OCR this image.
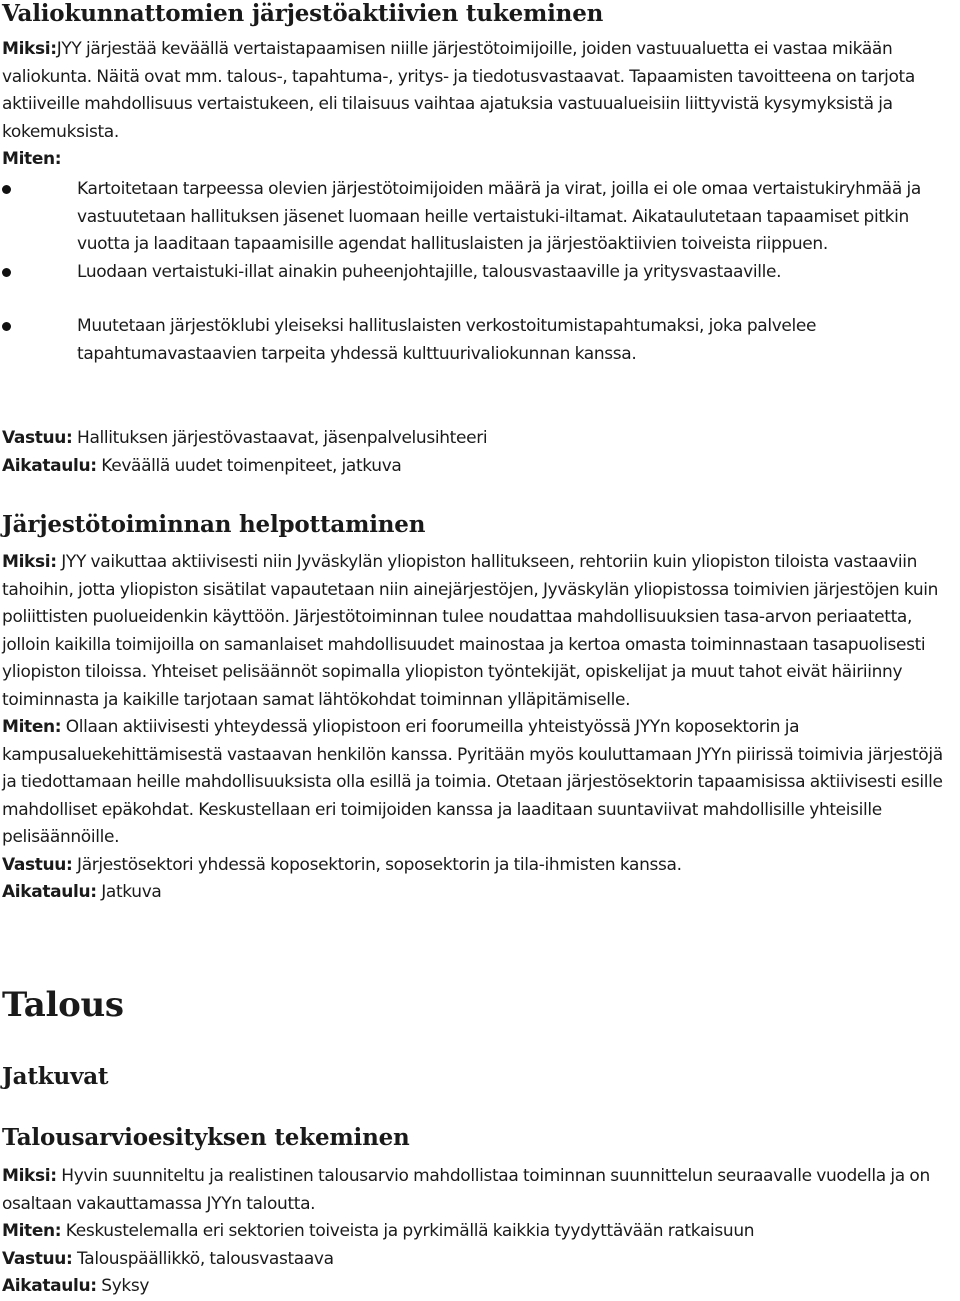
Valiokunnattomien järjestöaktiivien tukeminen

Miksi:JYY järjestää keväällä vertaistapaamisen niille järjestötoimijoille, joiden vastuualuetta ei vastaa mikään valiokunta. Näitä ovat mm. talous-, tapahtuma-, yritys- ja tiedotusvastaavat. Tapaamisten tavoitteena on tarjota aktiiveille mahdollisuus vertaistukeen, eli tilaisuus vaihtaa ajatuksia vastuualueisiin liittyvistä kysymyksistä ja kokemuksista.

Miten:

Kartoitetaan tarpeessa olevien järjestötoimijoiden määrä ja virat, joilla ei ole omaa vertaistukiryhmää ja vastuutetaan hallituksen jäsenet luomaan heille vertaistuki-iltamat. Aikataulutetaan tapaamiset pitkin vuotta ja laaditaan tapaamisille agendat hallituslaisten ja järjestöaktiivien toiveista riippuen.
Luodaan vertaistuki-illat ainakin puheenjohtajille, talousvastaaville ja yritysvastaaville.
Muutetaan järjestöklubi yleiseksi hallituslaisten verkostoitumistapahtumaksi, joka palvelee tapahtumavastaavien tarpeita yhdessä kulttuurivaliokunnan kanssa.

Vastuu: Hallituksen järjestövastaavat, jäsenpalvelusihteeri

Aikataulu: Keväällä uudet toimenpiteet, jatkuva

Järjestötoiminnan helpottaminen

Miksi: JYY vaikuttaa aktiivisesti niin Jyväskylän yliopiston hallitukseen, rehtoriin kuin yliopiston tiloista vastaaviin tahoihin, jotta yliopiston sisätilat vapautetaan niin ainejärjestöjen, Jyväskylän yliopistossa toimivien järjestöjen kuin poliittisten puolueidenkin käyttöön. Järjestötoiminnan tulee noudattaa mahdollisuuksien tasa-arvon periaatetta, jolloin kaikilla toimijoilla on samanlaiset mahdollisuudet mainostaa ja kertoa omasta toiminnastaan tasapuolisesti yliopiston tiloissa. Yhteiset pelisäännöt sopimalla yliopiston työntekijät, opiskelijat ja muut tahot eivät häiriinny toiminnasta ja kaikille tarjotaan samat lähtökohdat toiminnan ylläpitämiselle.

Miten: Ollaan aktiivisesti yhteydessä yliopistoon eri foorumeilla yhteistyössä JYYn koposektorin ja kampusaluekehittämisestä vastaavan henkilön kanssa. Pyritään myös kouluttamaan JYYn piirissä toimivia järjestöjä ja tiedottamaan heille mahdollisuuksista olla esillä ja toimia. Otetaan järjestösektorin tapaamisissa aktiivisesti esille mahdolliset epäkohdat. Keskustellaan eri toimijoiden kanssa ja laaditaan suuntaviivat mahdollisille yhteisille pelisäännöille.

Vastuu: Järjestösektori yhdessä koposektorin, soposektorin ja tila-ihmisten kanssa.

Aikataulu: Jatkuva

Talous
Jatkuvat
Talousarvioesityksen tekeminen

Miksi: Hyvin suunniteltu ja realistinen talousarvio mahdollistaa toiminnan suunnittelun seuraavalle vuodella ja on osaltaan vakauttamassa JYYn taloutta.

Miten: Keskustelemalla eri sektorien toiveista ja pyrkimällä kaikkia tyydyttävään ratkaisuun

Vastuu: Talouspäällikkö, talousvastaava

Aikataulu: Syksy
